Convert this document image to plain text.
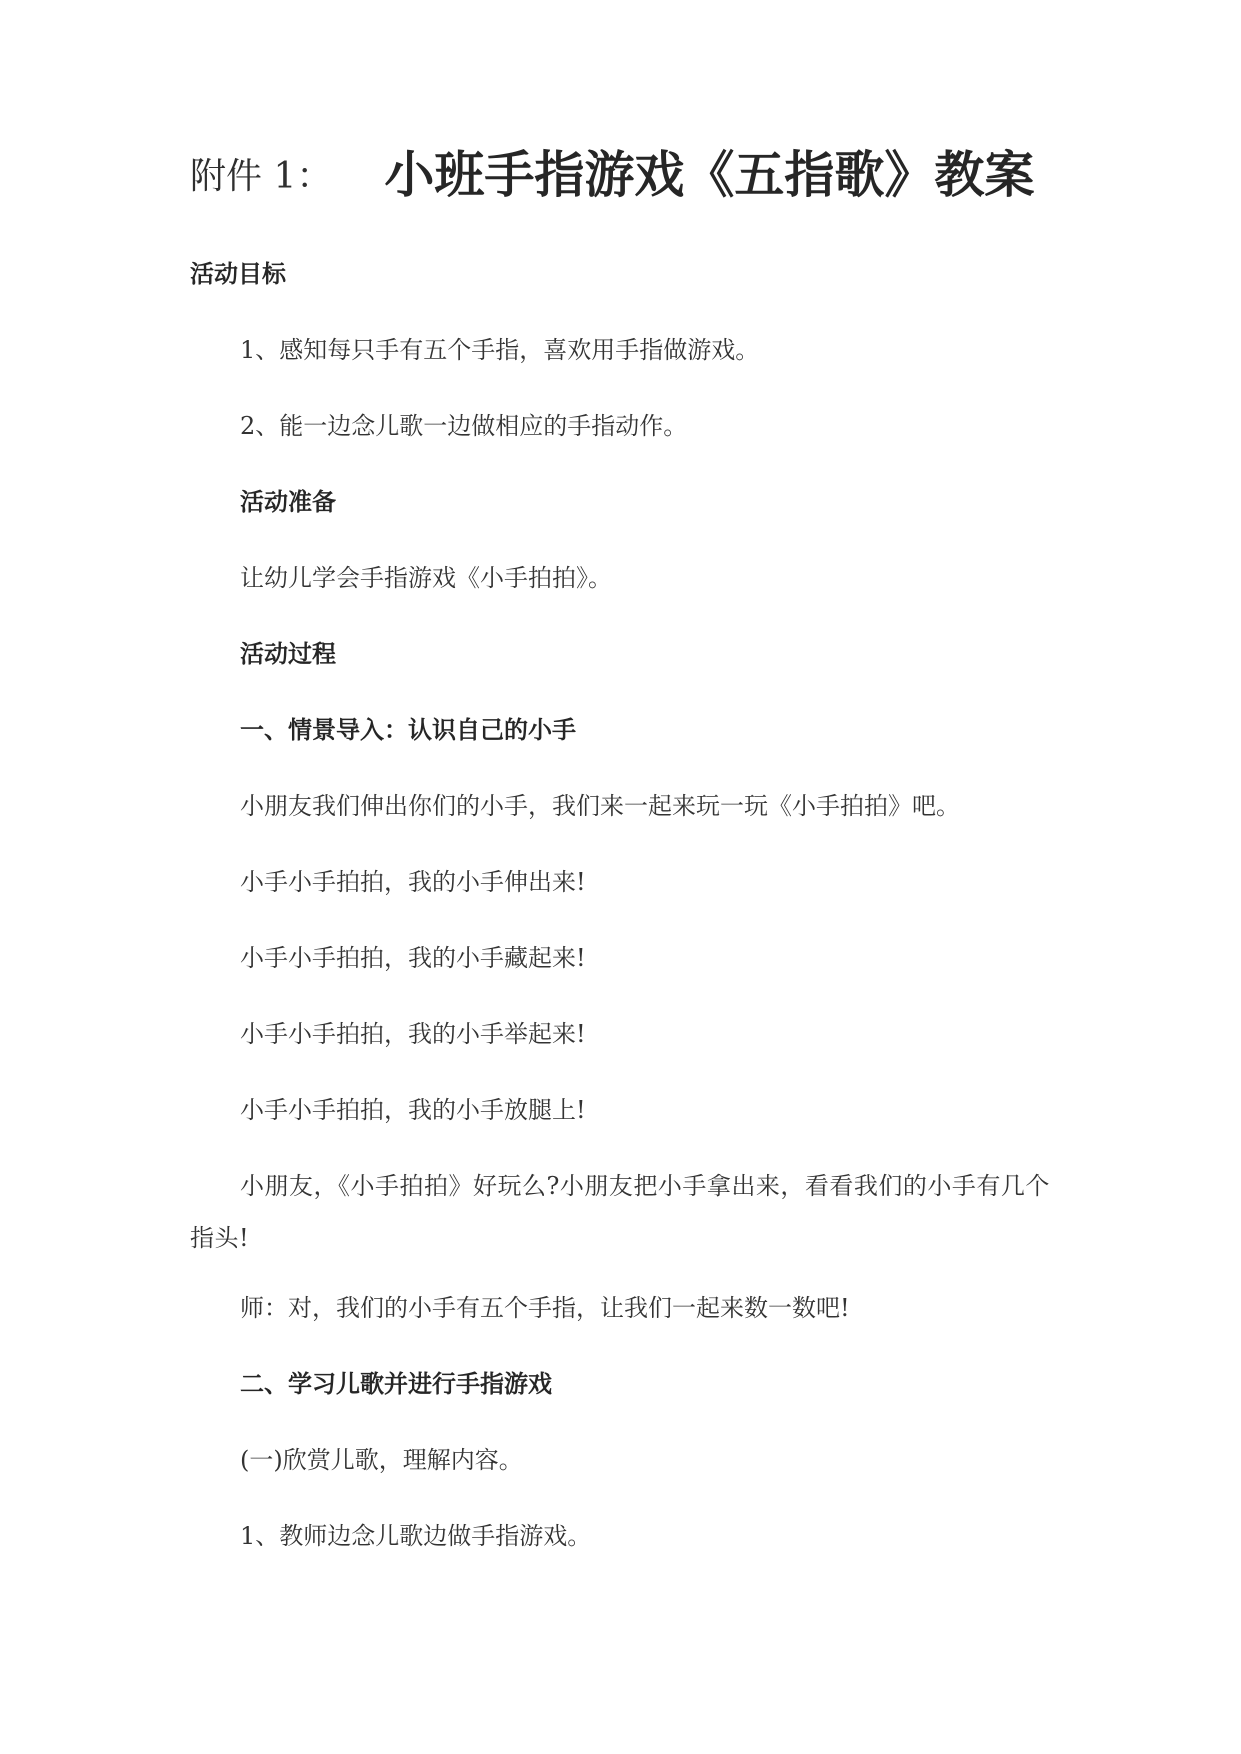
附件 1： 小班手指游戏《五指歌》教案
活动目标
1、感知每只手有五个手指，喜欢用手指做游戏。
2、能一边念儿歌一边做相应的手指动作。
活动准备
让幼儿学会手指游戏《小手拍拍》。
活动过程
一、情景导入：认识自己的小手
小朋友我们伸出你们的小手，我们来一起来玩一玩《小手拍拍》吧。
小手小手拍拍，我的小手伸出来!
小手小手拍拍，我的小手藏起来!
小手小手拍拍，我的小手举起来!
小手小手拍拍，我的小手放腿上!
小朋友，《小手拍拍》好玩么?小朋友把小手拿出来，看看我们的小手有几个指头!
师：对，我们的小手有五个手指，让我们一起来数一数吧!
二、学习儿歌并进行手指游戏
(一)欣赏儿歌，理解内容。
1、教师边念儿歌边做手指游戏。
